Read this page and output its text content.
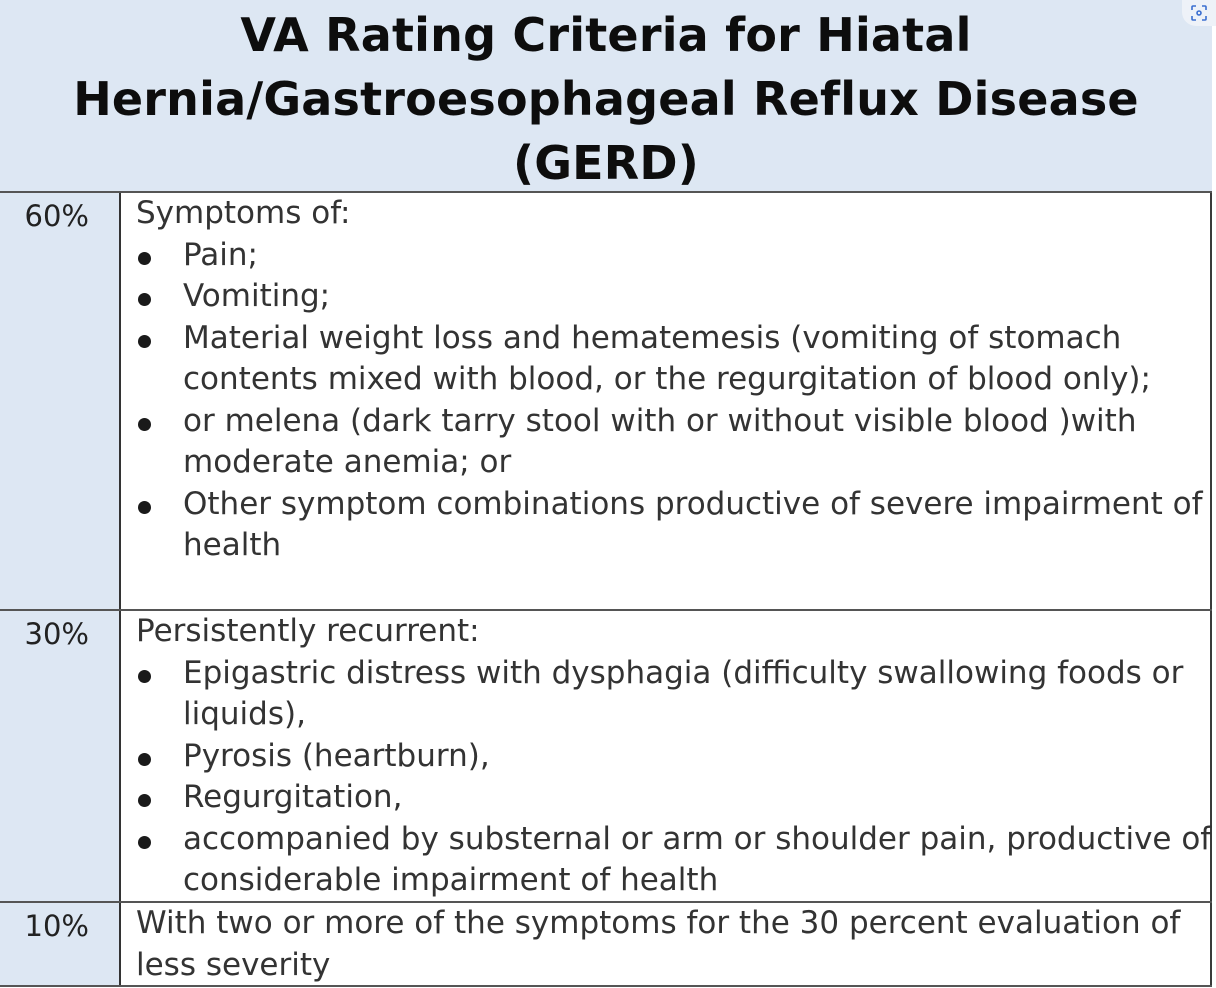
VA Rating Criteria for Hiatal
Hernia/Gastroesophageal Reflux Disease
(GERD)
60%	Symptoms of:
Pain;
Vomiting;
Material weight loss and hematemesis (vomiting of stomach contents mixed with blood, or the regurgitation of blood only);
or melena (dark tarry stool with or without visible blood )with moderate anemia; or
Other symptom combinations productive of severe impairment of health
30%	Persistently recurrent:
Epigastric distress with dysphagia (difficulty swallowing foods or liquids),
Pyrosis (heartburn),
Regurgitation,
accompanied by substernal or arm or shoulder pain, productive of considerable impairment of health
10%	With two or more of the symptoms for the 30 percent evaluation of less severity
